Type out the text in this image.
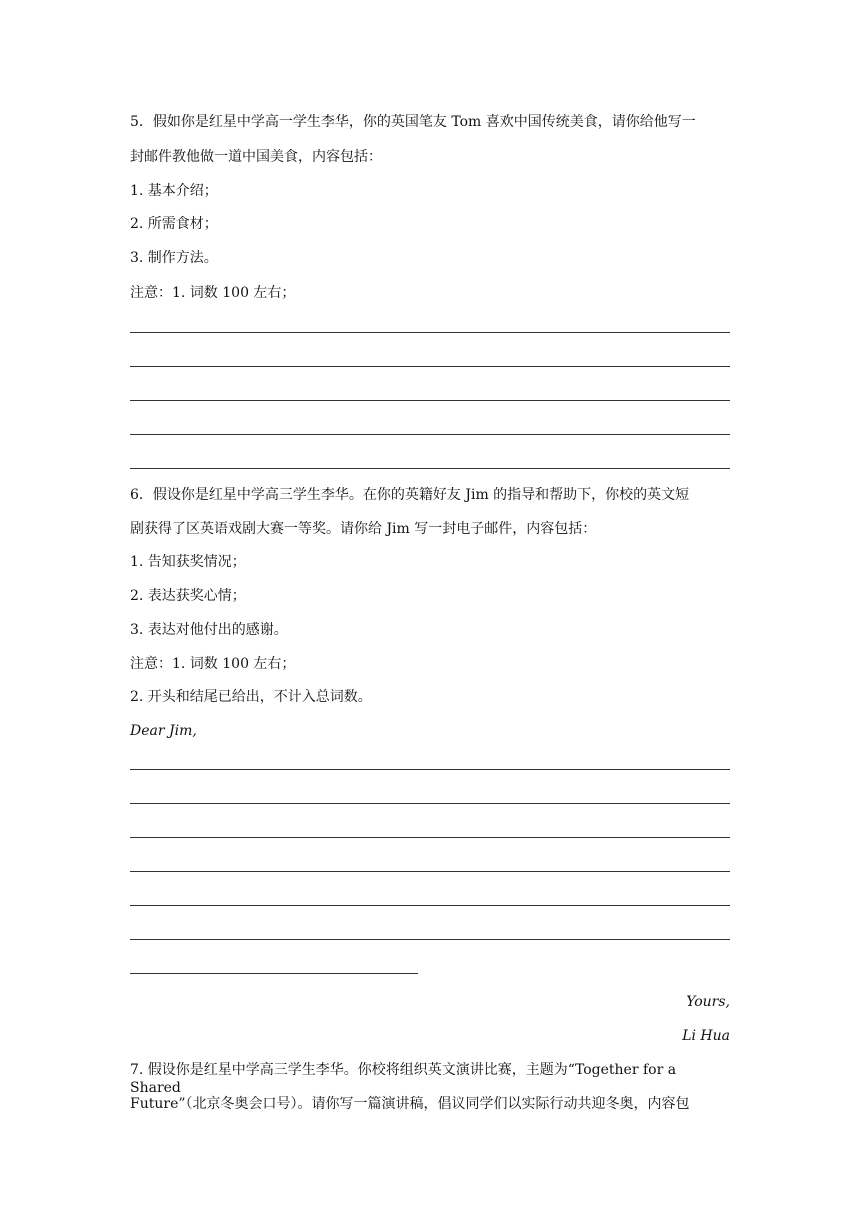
5．假如你是红星中学高一学生李华，你的英国笔友 Tom 喜欢中国传统美食，请你给他写一
封邮件教他做一道中国美食，内容包括：
1. 基本介绍；
2. 所需食材；
3. 制作方法。
注意：1. 词数 100 左右；
6．假设你是红星中学高三学生李华。在你的英籍好友 Jim 的指导和帮助下，你校的英文短
剧获得了区英语戏剧大赛一等奖。请你给 Jim 写一封电子邮件，内容包括：
1. 告知获奖情况；
2. 表达获奖心情；
3. 表达对他付出的感谢。
注意：1. 词数 100 左右；
2. 开头和结尾已给出，不计入总词数。
Dear Jim,
Yours,
Li Hua
7. 假设你是红星中学高三学生李华。你校将组织英文演讲比赛，主题为“Together for a Shared
Future”（北京冬奥会口号）。请你写一篇演讲稿，倡议同学们以实际行动共迎冬奥，内容包
